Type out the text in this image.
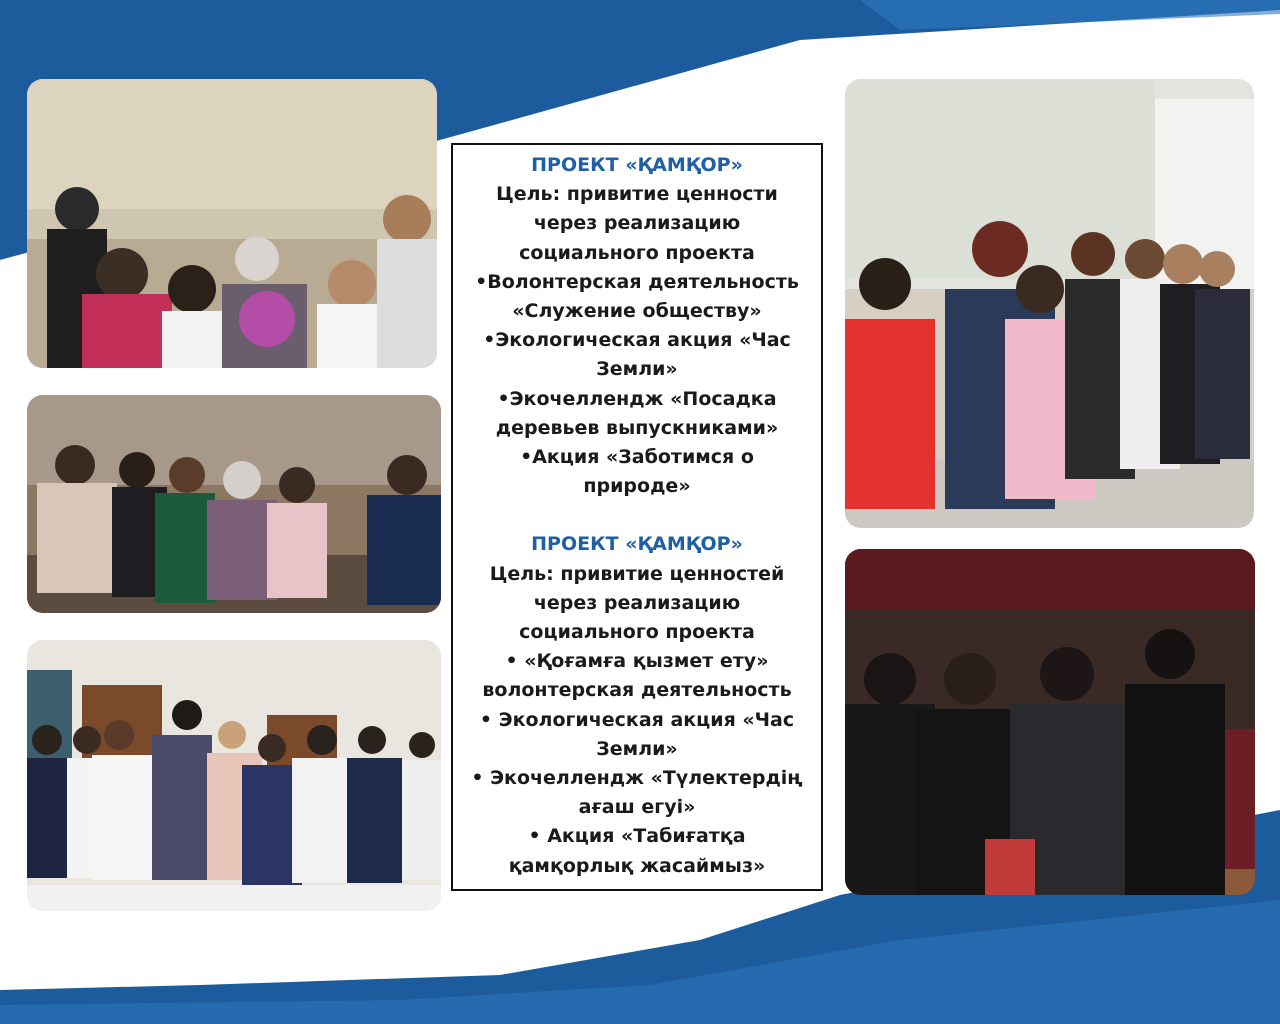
ПРОЕКТ «ҚАМҚОР»
Цель: привитие ценности
через реализацию
социального проекта
•Волонтерская деятельность
«Служение обществу»
•Экологическая акция «Час
Земли»
•Экочеллендж «Посадка
деревьев выпускниками»
•Акция «Заботимся о
природе»
ПРОЕКТ «ҚАМҚОР»
Цель: привитие ценностей
через реализацию
социального проекта
• «Қоғамға қызмет ету»
волонтерская деятельность
• Экологическая акция «Час
Земли»
• Экочеллендж «Түлектердің
ағаш егуі»
• Акция «Табиғатқа
қамқорлық жасаймыз»
